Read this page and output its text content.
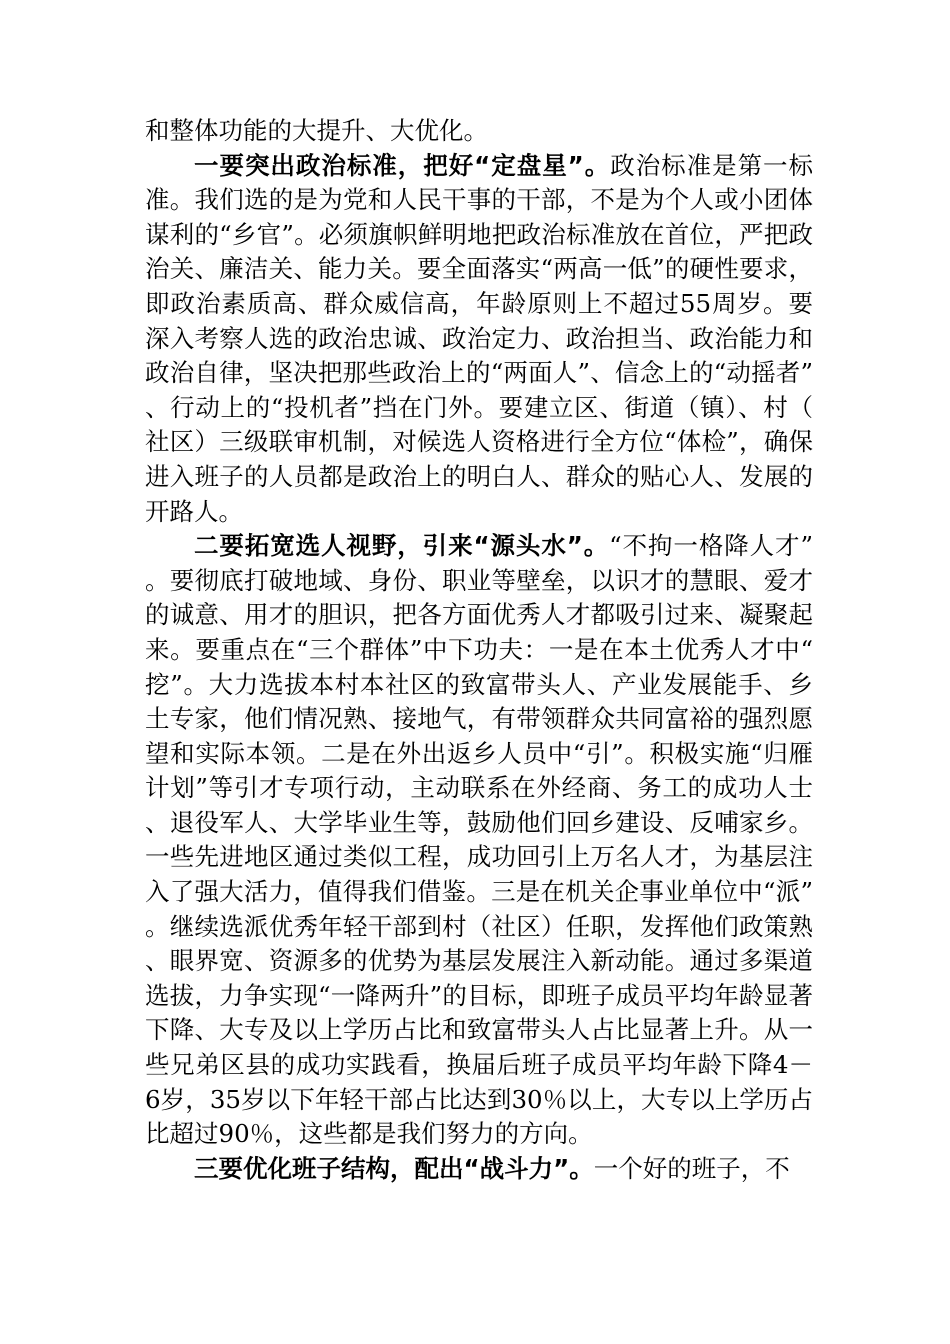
和整体功能的大提升、大优化。

一要突出政治标准，把好“定盘星”。政治标准是第一标准。我们选的是为党和人民干事的干部，不是为个人或小团体谋利的“乡官”。必须旗帜鲜明地把政治标准放在首位，严把政治关、廉洁关、能力关。要全面落实“两高一低”的硬性要求，即政治素质高、群众威信高，年龄原则上不超过55周岁。要深入考察人选的政治忠诚、政治定力、政治担当、政治能力和政治自律，坚决把那些政治上的“两面人”、信念上的“动摇者”、行动上的“投机者”挡在门外。要建立区、街道（镇）、村（社区）三级联审机制，对候选人资格进行全方位“体检”，确保进入班子的人员都是政治上的明白人、群众的贴心人、发展的开路人。

二要拓宽选人视野，引来“源头水”。“不拘一格降人才”。要彻底打破地域、身份、职业等壁垒，以识才的慧眼、爱才的诚意、用才的胆识，把各方面优秀人才都吸引过来、凝聚起来。要重点在“三个群体”中下功夫：一是在本土优秀人才中“挖”。大力选拔本村本社区的致富带头人、产业发展能手、乡土专家，他们情况熟、接地气，有带领群众共同富裕的强烈愿望和实际本领。二是在外出返乡人员中“引”。积极实施“归雁计划”等引才专项行动，主动联系在外经商、务工的成功人士、退役军人、大学毕业生等，鼓励他们回乡建设、反哺家乡。一些先进地区通过类似工程，成功回引上万名人才，为基层注入了强大活力，值得我们借鉴。三是在机关企事业单位中“派”。继续选派优秀年轻干部到村（社区）任职，发挥他们政策熟、眼界宽、资源多的优势为基层发展注入新动能。通过多渠道选拔，力争实现“一降两升”的目标，即班子成员平均年龄显著下降、大专及以上学历占比和致富带头人占比显著上升。从一些兄弟区县的成功实践看，换届后班子成员平均年龄下降4－6岁，35岁以下年轻干部占比达到30％以上，大专以上学历占比超过90％，这些都是我们努力的方向。

三要优化班子结构，配出“战斗力”。一个好的班子，不
